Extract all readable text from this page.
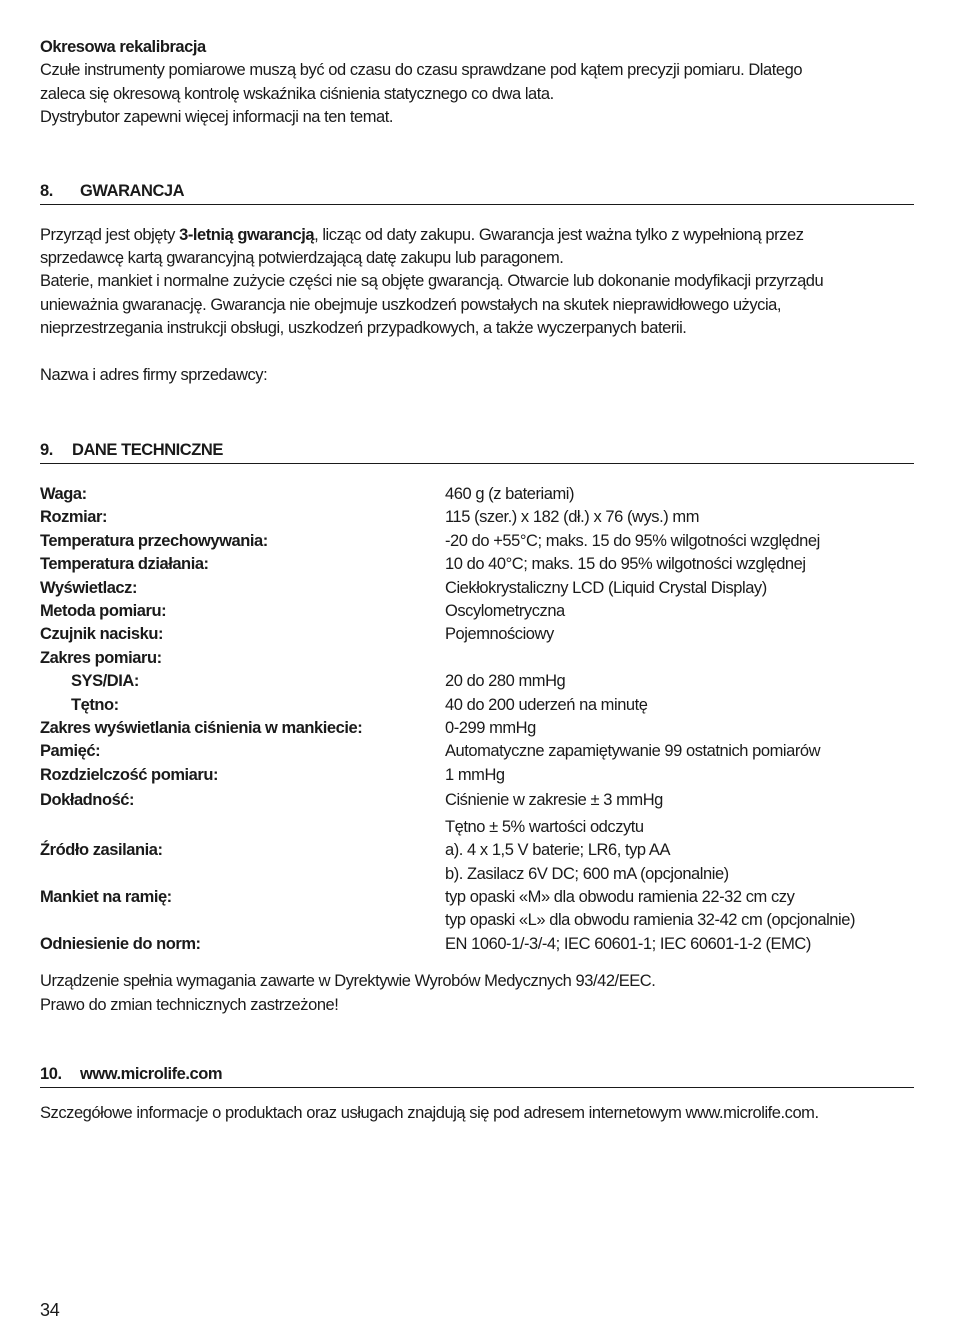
Okresowa rekalibracja
Czułe instrumenty pomiarowe muszą być od czasu do czasu sprawdzane pod kątem precyzji pomiaru. Dlatego
zaleca się okresową kontrolę wskaźnika ciśnienia statycznego co dwa lata.
Dystrybutor zapewni więcej informacji na ten temat.
8. GWARANCJA
Przyrząd jest objęty 3-letnią gwarancją, licząc od daty zakupu. Gwarancja jest ważna tylko z wypełnioną przez
sprzedawcę kartą gwarancyjną potwierdzającą datę zakupu lub paragonem.
Baterie, mankiet i normalne zużycie części nie są objęte gwarancją. Otwarcie lub dokonanie modyfikacji przyrządu
unieważnia gwaranację. Gwarancja nie obejmuje uszkodzeń powstałych na skutek nieprawidłowego użycia,
nieprzestrzegania instrukcji obsługi, uszkodzeń przypadkowych, a także wyczerpanych baterii.
Nazwa i adres firmy sprzedawcy:
9. DANE TECHNICZNE
Waga:	460 g (z bateriami)
Rozmiar:	115 (szer.) x 182 (dł.) x 76 (wys.) mm
Temperatura przechowywania:	-20 do +55°C; maks. 15 do 95% wilgotności względnej
Temperatura działania:	10 do 40°C; maks. 15 do 95% wilgotności względnej
Wyświetlacz:	Ciekłokrystaliczny LCD (Liquid Crystal Display)
Metoda pomiaru:	Oscylometryczna
Czujnik nacisku:	Pojemnościowy
Zakres pomiaru:
SYS/DIA:	20 do 280 mmHg
Tętno:	40 do 200 uderzeń na minutę
Zakres wyświetlania ciśnienia w mankiecie:	0-299 mmHg
Pamięć:	Automatyczne zapamiętywanie 99 ostatnich pomiarów
Rozdzielczość pomiaru:	1 mmHg
Dokładność:	Ciśnienie w zakresie ± 3 mmHg
Tętno ± 5% wartości odczytu
Źródło zasilania:	a). 4 x 1,5 V baterie; LR6, typ AA
b). Zasilacz 6V DC; 600 mA (opcjonalnie)
Mankiet na ramię:	typ opaski «M» dla obwodu ramienia 22-32 cm czy
typ opaski «L» dla obwodu ramienia 32-42 cm (opcjonalnie)
Odniesienie do norm:	EN 1060-1/-3/-4; IEC 60601-1; IEC 60601-1-2 (EMC)
Urządzenie spełnia wymagania zawarte w Dyrektywie Wyrobów Medycznych 93/42/EEC.
Prawo do zmian technicznych zastrzeżone!
10. www.microlife.com
Szczegółowe informacje o produktach oraz usługach znajdują się pod adresem internetowym www.microlife.com.
34
